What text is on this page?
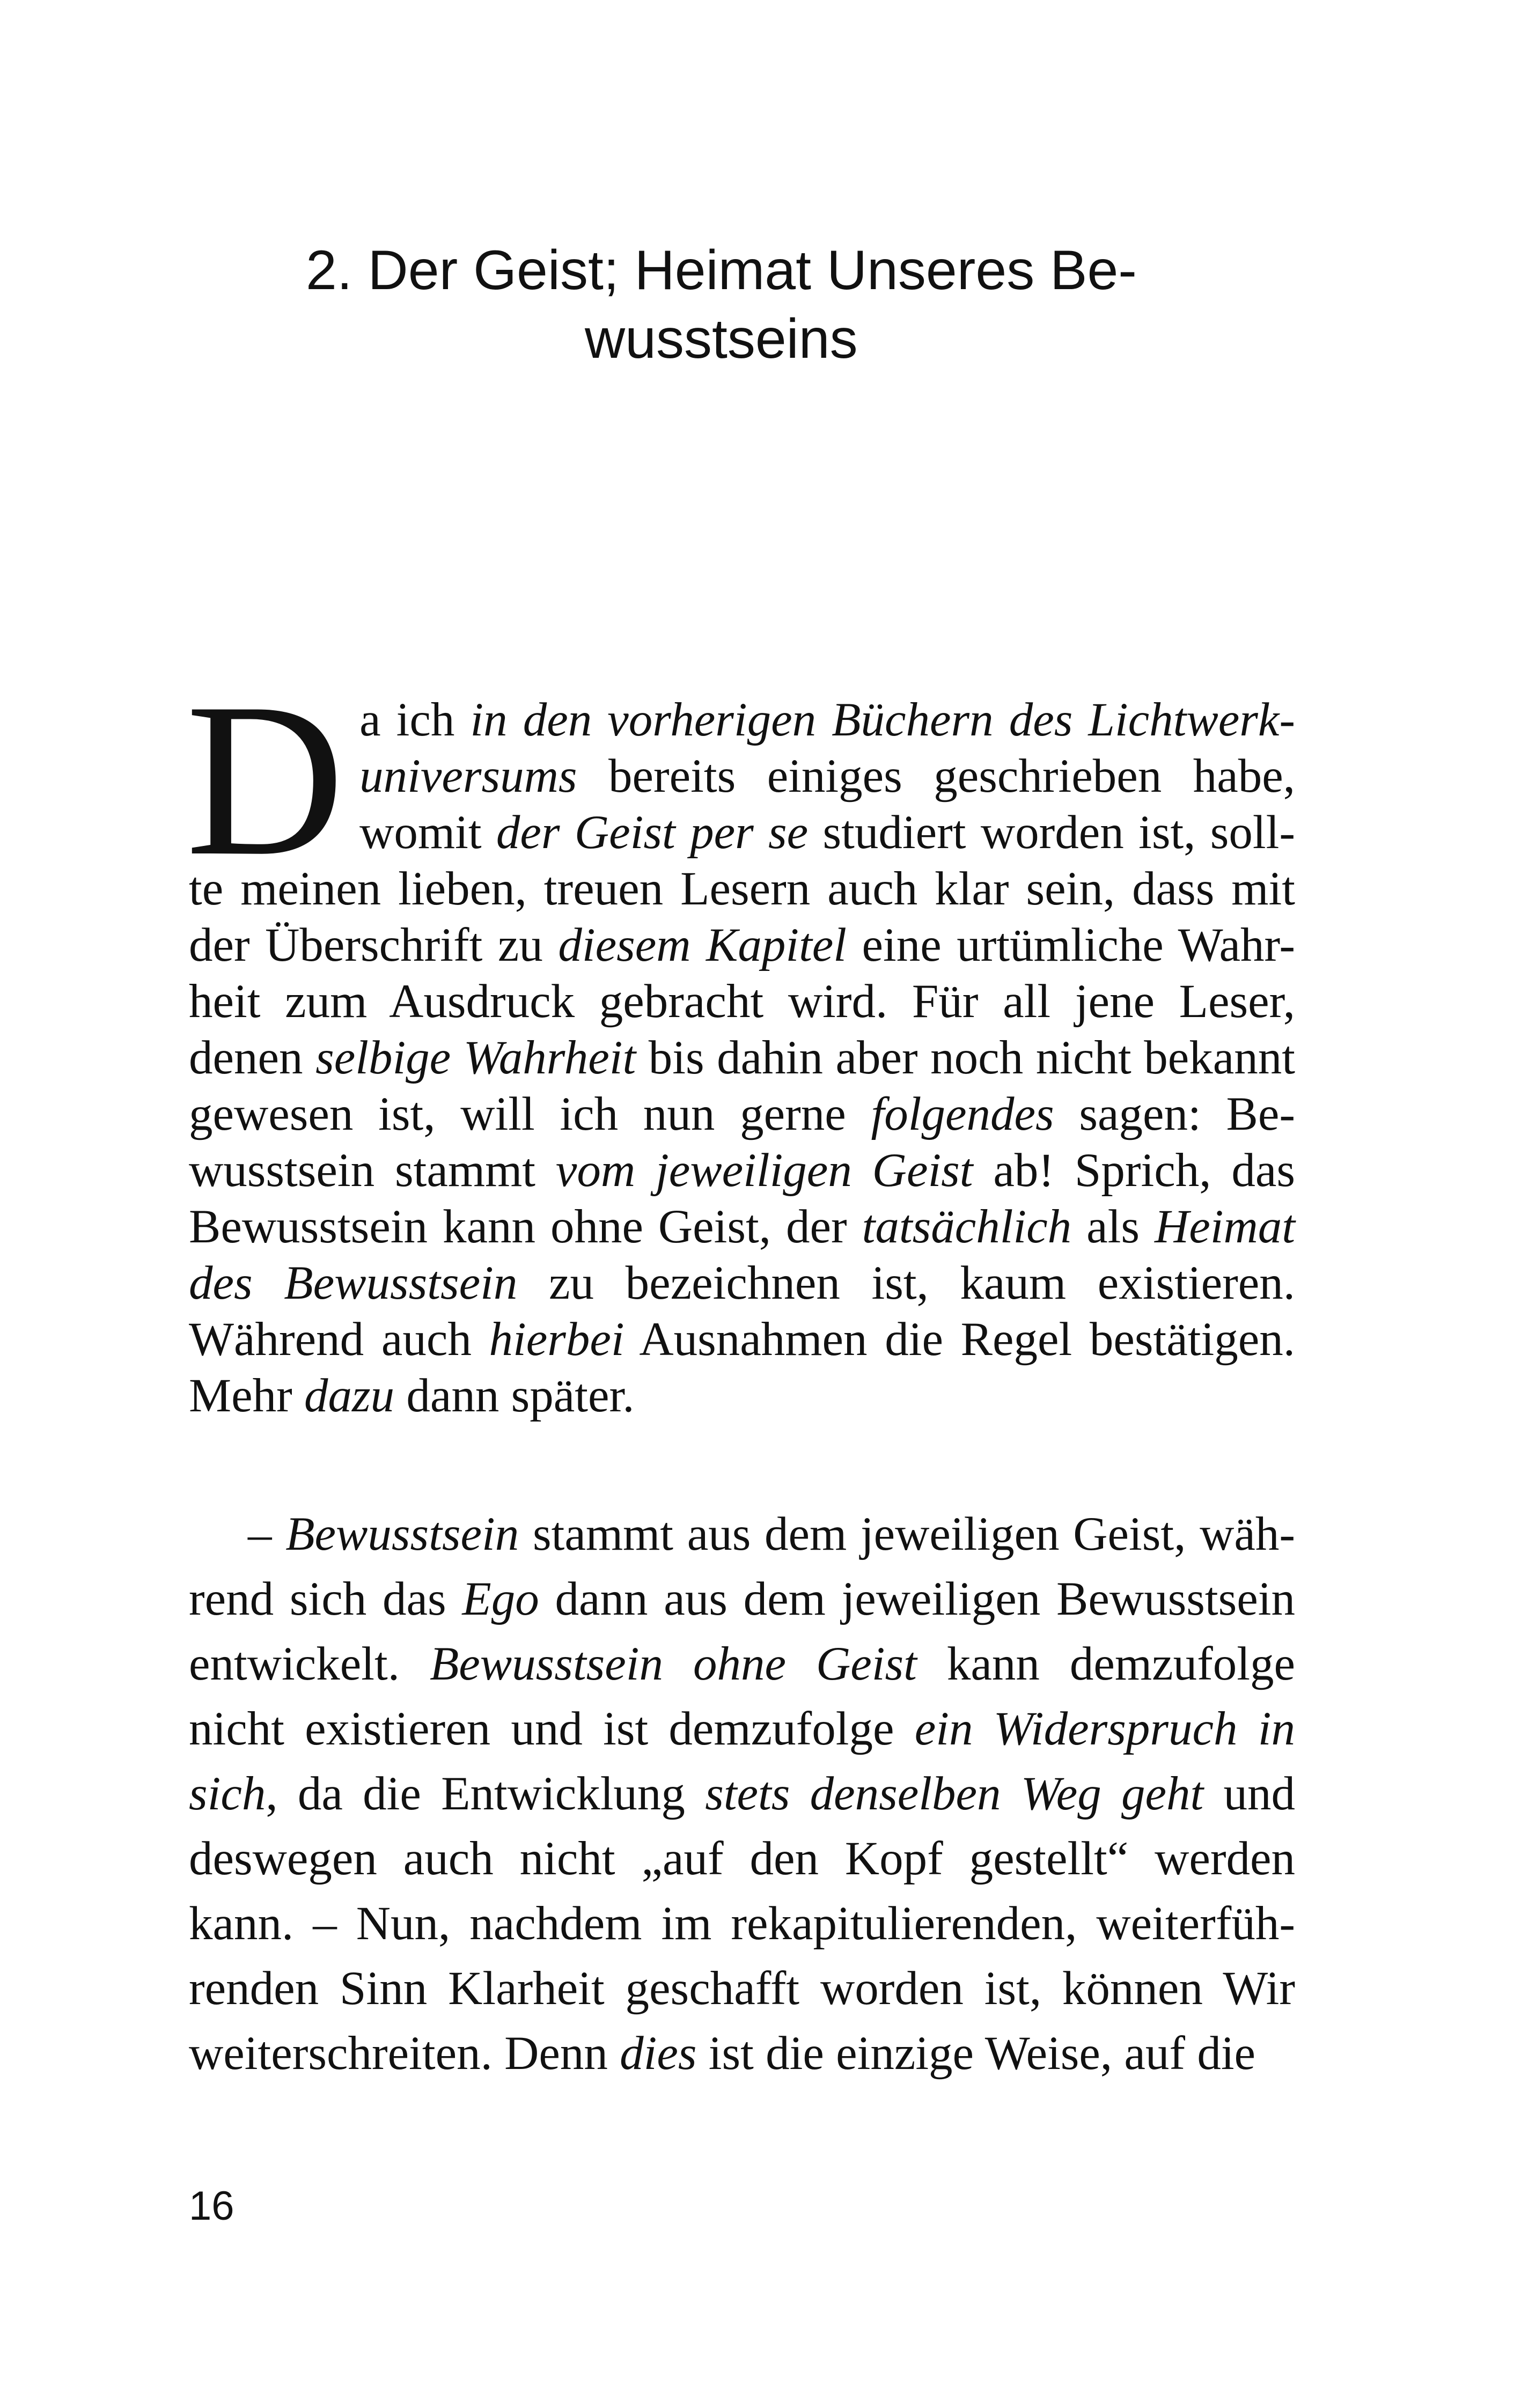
2. Der Geist; Heimat Unseres Be-
wusstseins
D a ich in den vorherigen Büchern des Lichtwerk-universums bereits einiges geschrieben habe, womit der Geist per se studiert worden ist, soll-te meinen lieben, treuen Lesern auch klar sein, dass mit der Überschrift zu diesem Kapitel eine urtümliche Wahr-heit zum Ausdruck gebracht wird. Für all jene Leser, denen selbige Wahrheit bis dahin aber noch nicht bekannt gewesen ist, will ich nun gerne folgendes sagen: Be-wusstsein stammt vom jeweiligen Geist ab! Sprich, das Bewusstsein kann ohne Geist, der tatsächlich als Heimat des Bewusstsein zu bezeichnen ist, kaum existieren. Während auch hierbei Ausnahmen die Regel bestätigen. Mehr dazu dann später.
– Bewusstsein stammt aus dem jeweiligen Geist, wäh-rend sich das Ego dann aus dem jeweiligen Bewusstsein entwickelt. Bewusstsein ohne Geist kann demzufolge nicht existieren und ist demzufolge ein Widerspruch in sich, da die Entwicklung stets denselben Weg geht und deswegen auch nicht „auf den Kopf gestellt“ werden kann. – Nun, nachdem im rekapitulierenden, weiterfüh-renden Sinn Klarheit geschafft worden ist, können Wir weiterschreiten. Denn dies ist die einzige Weise, auf die
16
